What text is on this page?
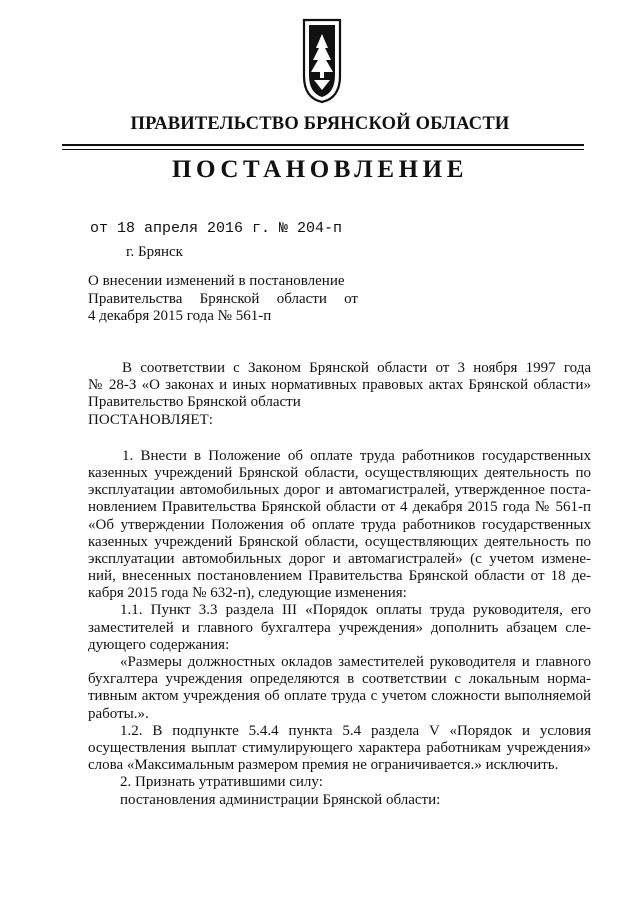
ПРАВИТЕЛЬСТВО БРЯНСКОЙ ОБЛАСТИ
ПОСТАНОВЛЕНИЕ
от 18 апреля 2016 г. № 204-п
г. Брянск
О внесении изменений в постановление
Правительства Брянской области от
4 декабря 2015 года № 561-п
В соответствии с Законом Брянской области от 3 ноября 1997 года
№ 28-З «О законах и иных нормативных правовых актах Брянской области»
Правительство Брянской области
ПОСТАНОВЛЯЕТ:
1. Внести в Положение об оплате труда работников государственных
казенных учреждений Брянской области, осуществляющих деятельность по
эксплуатации автомобильных дорог и автомагистралей, утвержденное поста-
новлением Правительства Брянской области от 4 декабря 2015 года № 561-п
«Об утверждении Положения об оплате труда работников государственных
казенных учреждений Брянской области, осуществляющих деятельность по
эксплуатации автомобильных дорог и автомагистралей» (с учетом измене-
ний, внесенных постановлением Правительства Брянской области от 18 де-
кабря 2015 года № 632-п), следующие изменения:
1.1. Пункт 3.3 раздела III «Порядок оплаты труда руководителя, его
заместителей и главного бухгалтера учреждения» дополнить абзацем сле-
дующего содержания:
«Размеры должностных окладов заместителей руководителя и главного
бухгалтера учреждения определяются в соответствии с локальным норма-
тивным актом учреждения об оплате труда с учетом сложности выполняемой
работы.».
1.2. В подпункте 5.4.4 пункта 5.4 раздела V «Порядок и условия
осуществления выплат стимулирующего характера работникам учреждения»
слова «Максимальным размером премия не ограничивается.» исключить.
2. Признать утратившими силу:
постановления администрации Брянской области:
